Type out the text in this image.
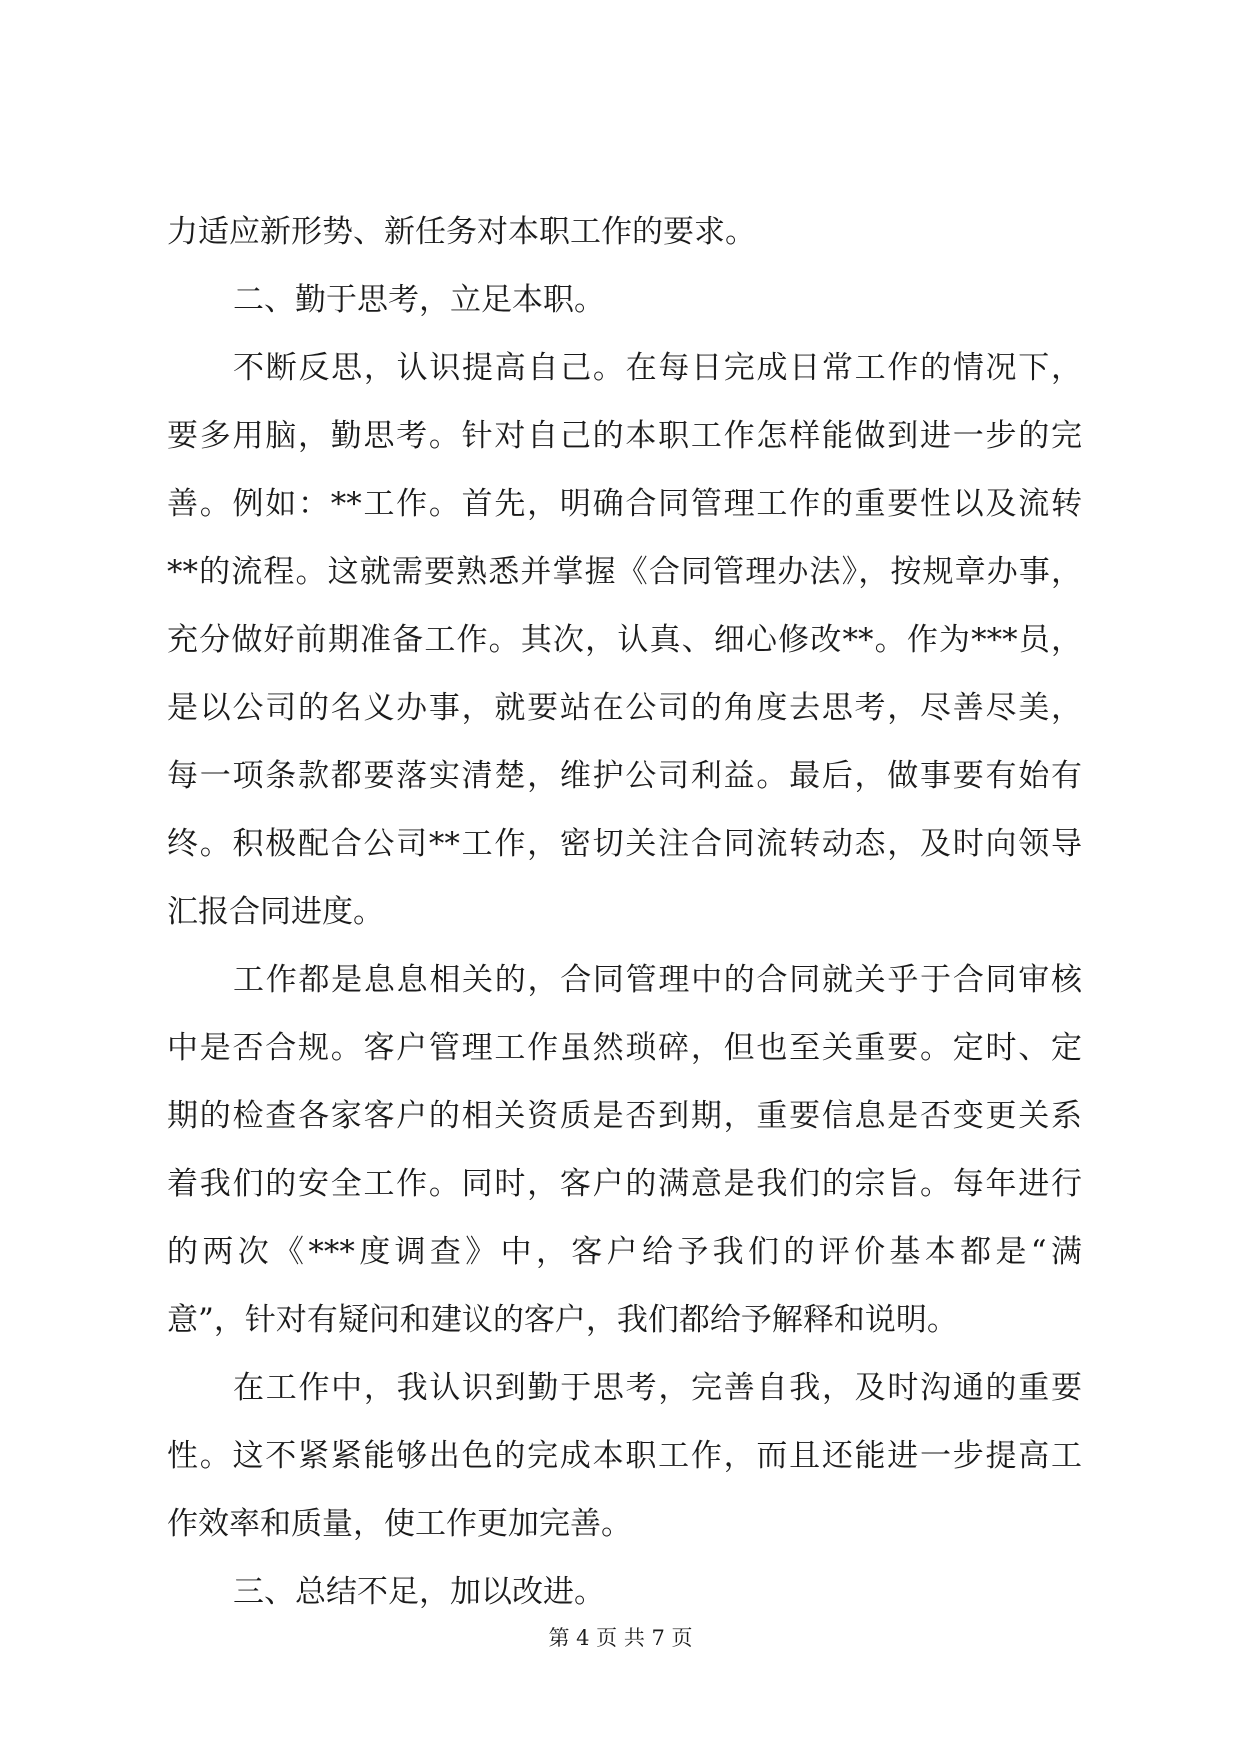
力适应新形势、新任务对本职工作的要求。
二、勤于思考，立足本职。
不断反思，认识提高自己。在每日完成日常工作的情况下，
要多用脑，勤思考。针对自己的本职工作怎样能做到进一步的完
善。例如：**工作。首先，明确合同管理工作的重要性以及流转
**的流程。这就需要熟悉并掌握《合同管理办法》，按规章办事，
充分做好前期准备工作。其次，认真、细心修改**。作为***员，
是以公司的名义办事，就要站在公司的角度去思考，尽善尽美，
每一项条款都要落实清楚，维护公司利益。最后，做事要有始有
终。积极配合公司**工作，密切关注合同流转动态，及时向领导
汇报合同进度。
工作都是息息相关的，合同管理中的合同就关乎于合同审核
中是否合规。客户管理工作虽然琐碎，但也至关重要。定时、定
期的检查各家客户的相关资质是否到期，重要信息是否变更关系
着我们的安全工作。同时，客户的满意是我们的宗旨。每年进行
的两次《***度调查》中，客户给予我们的评价基本都是“满
意”，针对有疑问和建议的客户，我们都给予解释和说明。
在工作中，我认识到勤于思考，完善自我，及时沟通的重要
性。这不紧紧能够出色的完成本职工作，而且还能进一步提高工
作效率和质量，使工作更加完善。
三、总结不足，加以改进。
第 4 页 共 7 页
